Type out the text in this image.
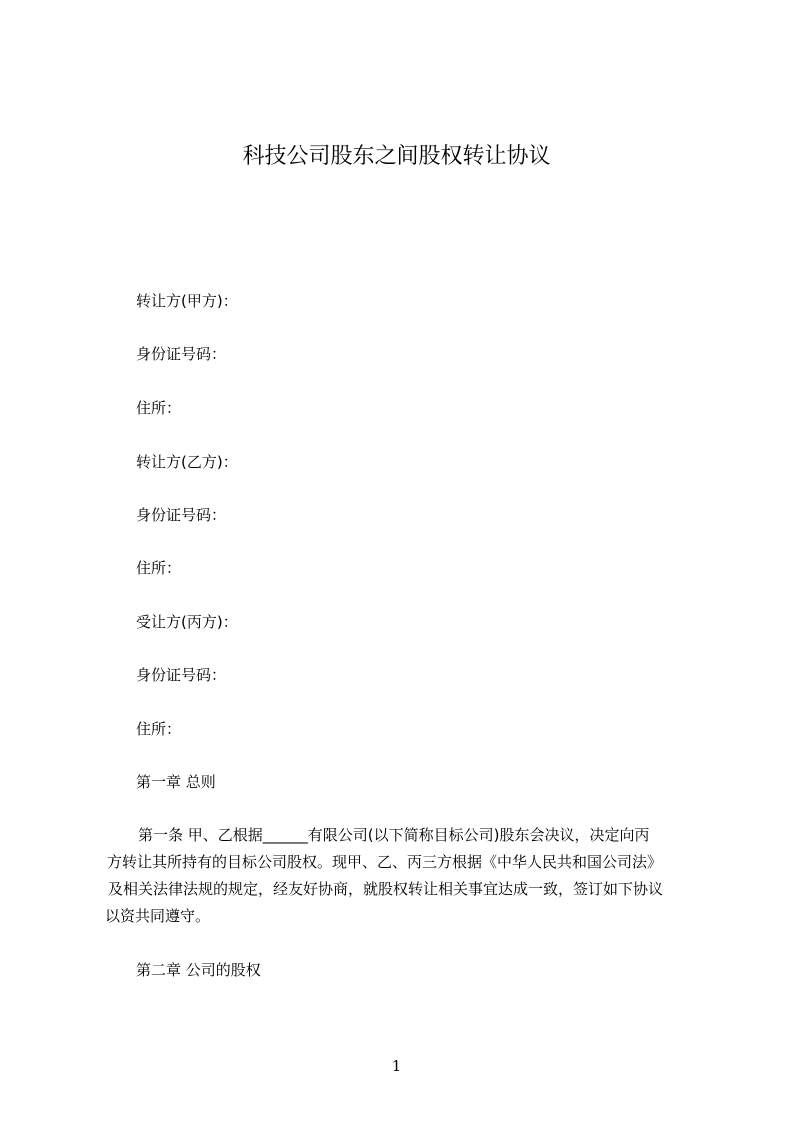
科技公司股东之间股权转让协议
转让方(甲方)：
身份证号码：
住所：
转让方(乙方)：
身份证号码：
住所：
受让方(丙方)：
身份证号码：
住所：
第一章 总则
第一条 甲、乙根据______有限公司(以下简称目标公司)股东会决议，决定向丙
方转让其所持有的目标公司股权。现甲、乙、丙三方根据《中华人民共和国公司法》
及相关法律法规的规定，经友好协商，就股权转让相关事宜达成一致，签订如下协议
以资共同遵守。
第二章 公司的股权
1
